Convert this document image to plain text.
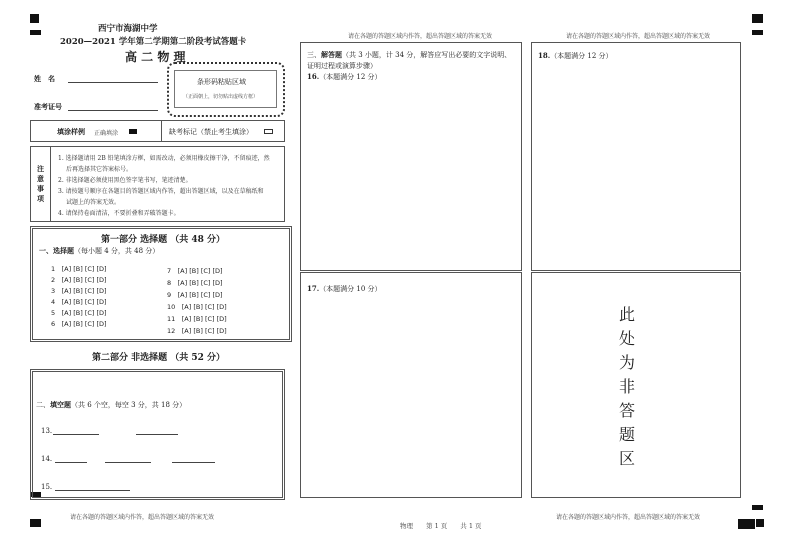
西宁市海湖中学
2020—2021 学年第二学期第二阶段考试答题卡
高 二 物 理
姓　名
准考证号
条形码粘贴区域
（正面朝上，切勿贴出虚线方框）
填涂样例 正确填涂	缺考标记（禁止考生填涂）
注
意
事
项
1. 选择题请用 2B 铅笔填涂方框，如需改动，必须用橡皮擦干净，不留痕迹，然
后再选择其它答案标号。
2. 非选择题必须使用黑色签字笔书写，笔迹清楚。
3. 请按题号顺序在各题目的答题区域内作答，超出答题区域，以及在草稿纸和
试题上的答案无效。
4. 请保持卷面清洁，不要折叠和弄破答题卡。
第一部分 选择题 （共 48 分）
一、选择题（每小题 4 分，共 48 分）
1　[A] [B] [C] [D]
2　[A] [B] [C] [D]
3　[A] [B] [C] [D]
4　[A] [B] [C] [D]
5　[A] [B] [C] [D]
6　[A] [B] [C] [D]
7　[A] [B] [C] [D]
8　[A] [B] [C] [D]
9　[A] [B] [C] [D]
10　[A] [B] [C] [D]
11　[A] [B] [C] [D]
12　[A] [B] [C] [D]
第二部分 非选择题 （共 52 分）
二、填空题（共 6 个空，每空 3 分，共 18 分）
13.
14.
15.
请在各题的答题区域内作答，超出答题区域的答案无效
三、解答题（共 3 小题，计 34 分，解答应写出必要的文字说明、
证明过程或演算步骤）
16.（本题满分 12 分）
17.（本题满分 10 分）
请在各题的答题区域内作答，超出答题区域的答案无效
18.（本题满分 12 分）
此
处
为
非
答
题
区
请在各题的答题区域内作答，超出答题区域的答案无效
物理　　第 1 页　　共 1 页
请在各题的答题区域内作答，超出答题区域的答案无效
